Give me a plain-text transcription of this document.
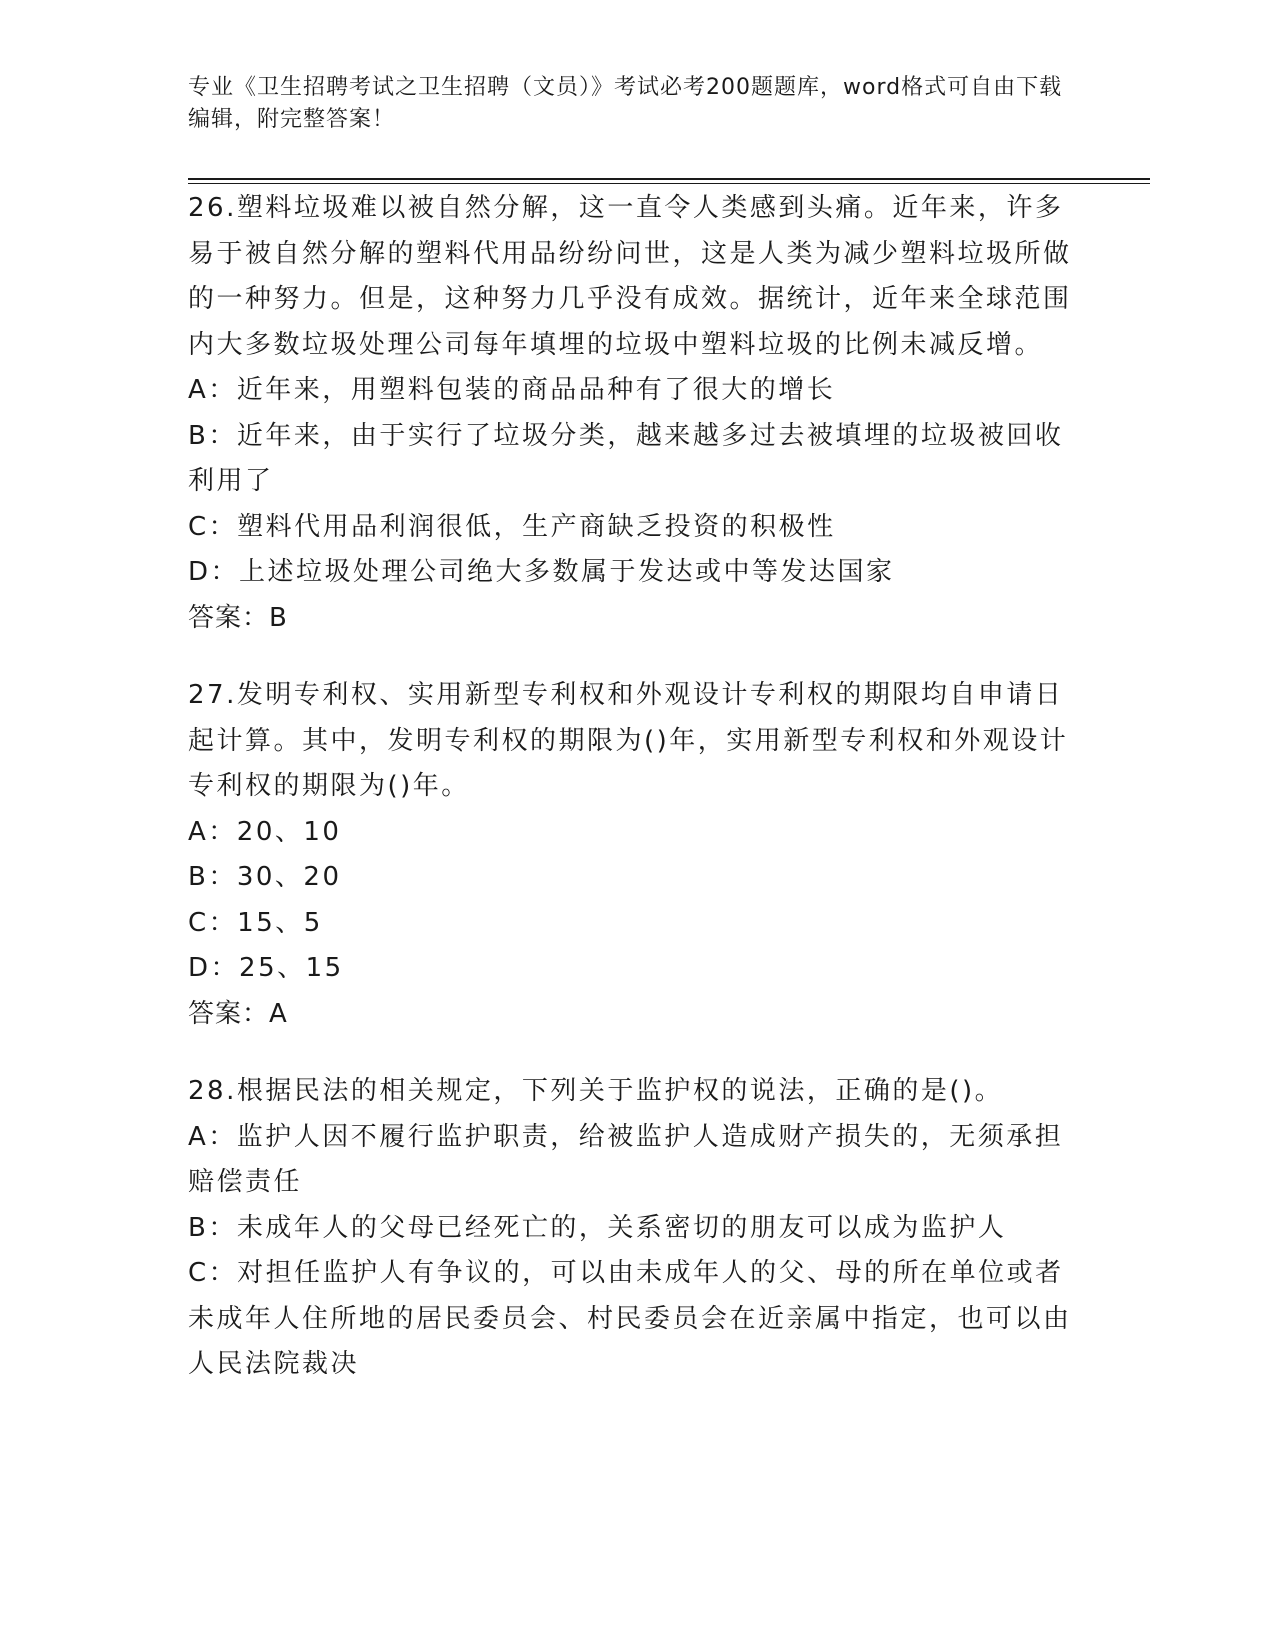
专业《卫生招聘考试之卫生招聘（文员）》考试必考200题题库，word格式可自由下载编辑，附完整答案！

26.塑料垃圾难以被自然分解，这一直令人类感到头痛。近年来，许多易于被自然分解的塑料代用品纷纷问世，这是人类为减少塑料垃圾所做的一种努力。但是，这种努力几乎没有成效。据统计，近年来全球范围内大多数垃圾处理公司每年填埋的垃圾中塑料垃圾的比例未减反增。

A：近年来，用塑料包装的商品品种有了很大的增长

B：近年来，由于实行了垃圾分类，越来越多过去被填埋的垃圾被回收利用了

C：塑料代用品利润很低，生产商缺乏投资的积极性

D：上述垃圾处理公司绝大多数属于发达或中等发达国家

答案：B

27.发明专利权、实用新型专利权和外观设计专利权的期限均自申请日起计算。其中，发明专利权的期限为()年，实用新型专利权和外观设计专利权的期限为()年。

A：20、10

B：30、20

C：15、5

D：25、15

答案：A

28.根据民法的相关规定，下列关于监护权的说法，正确的是()。

A：监护人因不履行监护职责，给被监护人造成财产损失的，无须承担赔偿责任

B：未成年人的父母已经死亡的，关系密切的朋友可以成为监护人

C：对担任监护人有争议的，可以由未成年人的父、母的所在单位或者未成年人住所地的居民委员会、村民委员会在近亲属中指定，也可以由人民法院裁决
